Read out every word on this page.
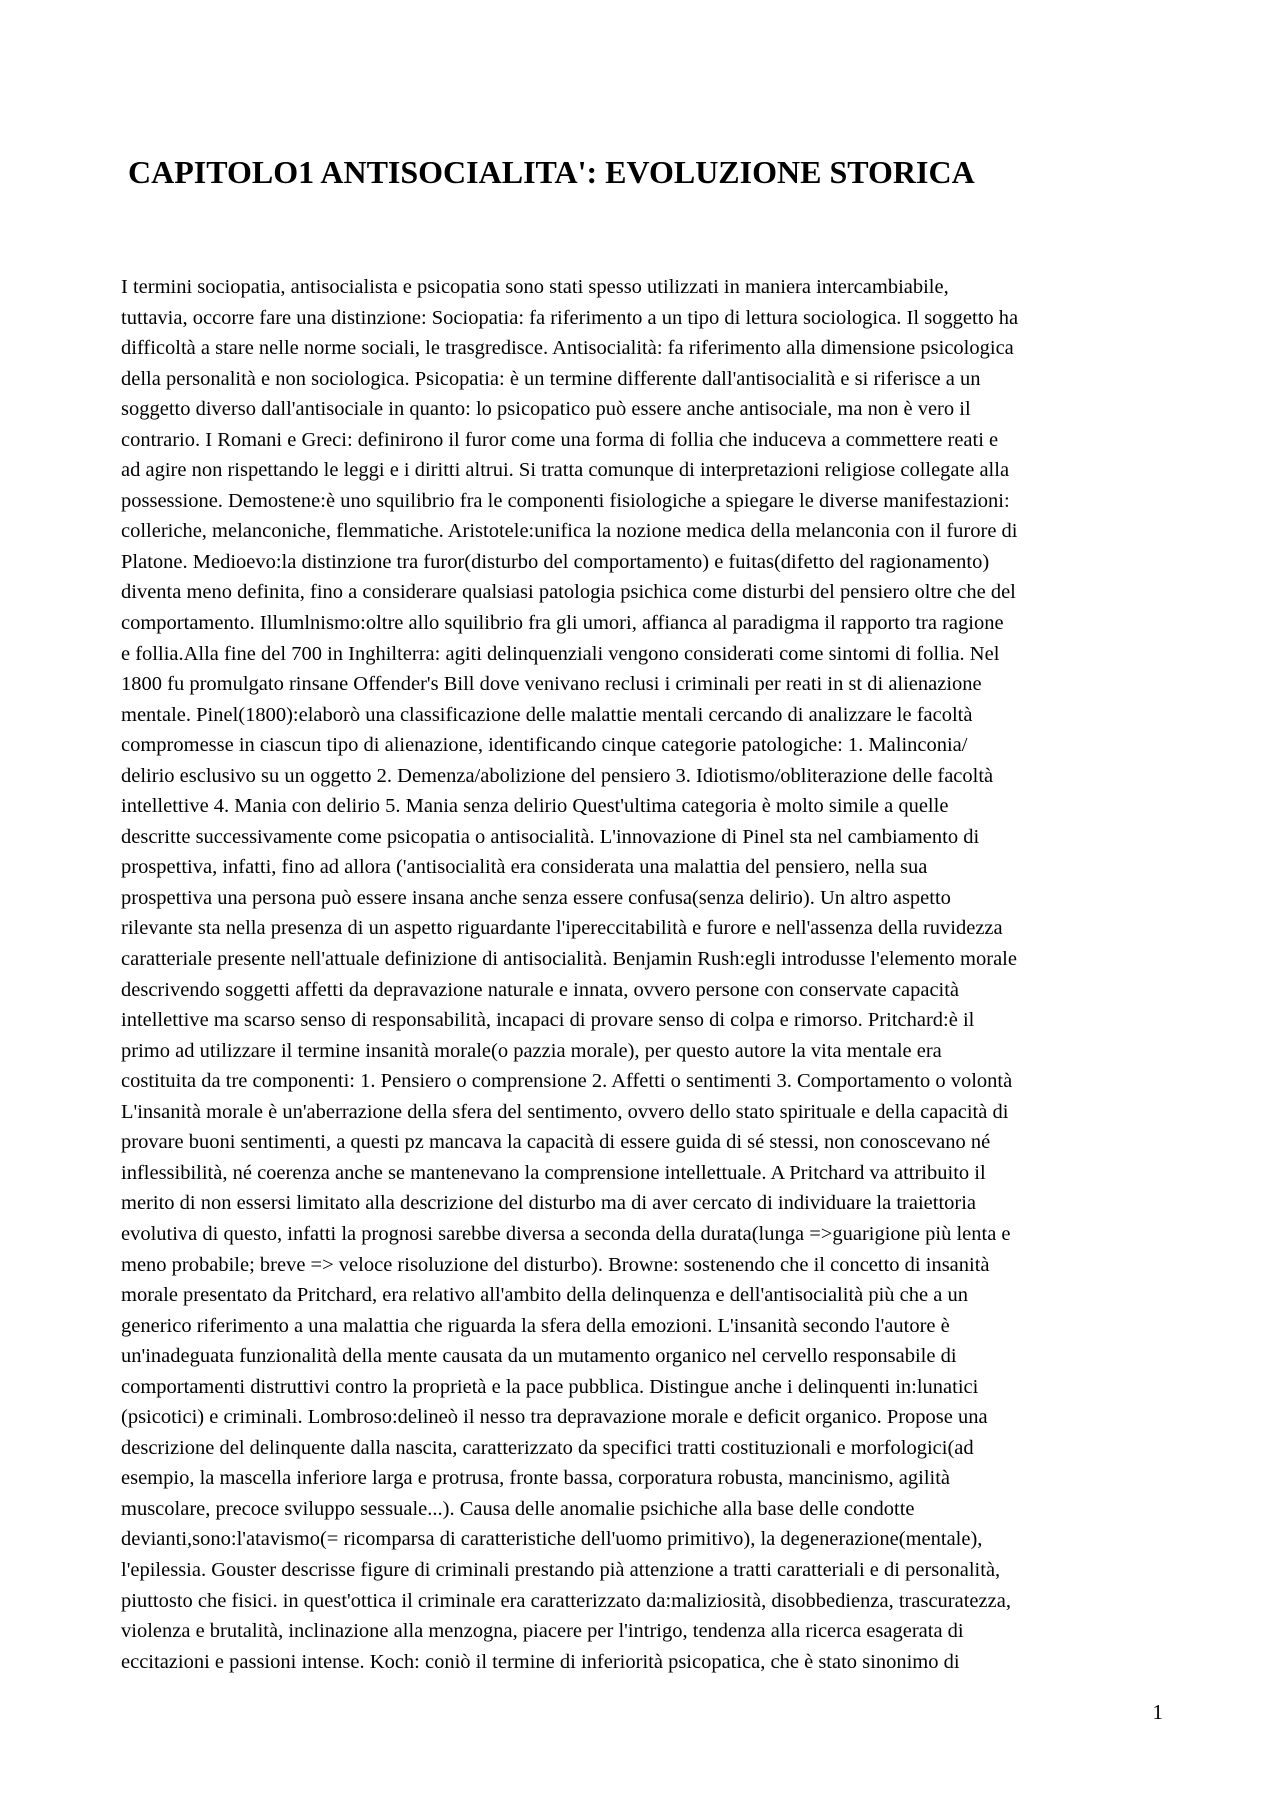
CAPITOLO1 ANTISOCIALITA': EVOLUZIONE STORICA
I termini sociopatia, antisocialista e psicopatia sono stati spesso utilizzati in maniera intercambiabile,
tuttavia, occorre fare una distinzione: Sociopatia: fa riferimento a un tipo di lettura sociologica. Il soggetto ha
difficoltà a stare nelle norme sociali, le trasgredisce. Antisocialità: fa riferimento alla dimensione psicologica
della personalità e non sociologica. Psicopatia: è un termine differente dall'antisocialità e si riferisce a un
soggetto diverso dall'antisociale in quanto: lo psicopatico può essere anche antisociale, ma non è vero il
contrario. I Romani e Greci: definirono il furor come una forma di follia che induceva a commettere reati e
ad agire non rispettando le leggi e i diritti altrui. Si tratta comunque di interpretazioni religiose collegate alla
possessione. Demostene:è uno squilibrio fra le componenti fisiologiche a spiegare le diverse manifestazioni:
colleriche, melanconiche, flemmatiche. Aristotele:unifica la nozione medica della melanconia con il furore di
Platone. Medioevo:la distinzione tra furor(disturbo del comportamento) e fuitas(difetto del ragionamento)
diventa meno definita, fino a considerare qualsiasi patologia psichica come disturbi del pensiero oltre che del
comportamento. Illumlnismo:oltre allo squilibrio fra gli umori, affianca al paradigma il rapporto tra ragione
e follia.Alla fine del 700 in Inghilterra: agiti delinquenziali vengono considerati come sintomi di follia. Nel
1800 fu promulgato rinsane Offender's Bill dove venivano reclusi i criminali per reati in st di alienazione
mentale. Pinel(1800):elaborò una classificazione delle malattie mentali cercando di analizzare le facoltà
compromesse in ciascun tipo di alienazione, identificando cinque categorie patologiche: 1. Malinconia/
delirio esclusivo su un oggetto 2. Demenza/abolizione del pensiero 3. Idiotismo/obliterazione delle facoltà
intellettive 4. Mania con delirio 5. Mania senza delirio Quest'ultima categoria è molto simile a quelle
descritte successivamente come psicopatia o antisocialità. L'innovazione di Pinel sta nel cambiamento di
prospettiva, infatti, fino ad allora ('antisocialità era considerata una malattia del pensiero, nella sua
prospettiva una persona può essere insana anche senza essere confusa(senza delirio). Un altro aspetto
rilevante sta nella presenza di un aspetto riguardante l'ipereccitabilità e furore e nell'assenza della ruvidezza
caratteriale presente nell'attuale definizione di antisocialità. Benjamin Rush:egli introdusse l'elemento morale
descrivendo soggetti affetti da depravazione naturale e innata, ovvero persone con conservate capacità
intellettive ma scarso senso di responsabilità, incapaci di provare senso di colpa e rimorso. Pritchard:è il
primo ad utilizzare il termine insanità morale(o pazzia morale), per questo autore la vita mentale era
costituita da tre componenti: 1. Pensiero o comprensione 2. Affetti o sentimenti 3. Comportamento o volontà
L'insanità morale è un'aberrazione della sfera del sentimento, ovvero dello stato spirituale e della capacità di
provare buoni sentimenti, a questi pz mancava la capacità di essere guida di sé stessi, non conoscevano né
inflessibilità, né coerenza anche se mantenevano la comprensione intellettuale. A Pritchard va attribuito il
merito di non essersi limitato alla descrizione del disturbo ma di aver cercato di individuare la traiettoria
evolutiva di questo, infatti la prognosi sarebbe diversa a seconda della durata(lunga =>guarigione più lenta e
meno probabile; breve => veloce risoluzione del disturbo). Browne: sostenendo che il concetto di insanità
morale presentato da Pritchard, era relativo all'ambito della delinquenza e dell'antisocialità più che a un
generico riferimento a una malattia che riguarda la sfera della emozioni. L'insanità secondo l'autore è
un'inadeguata funzionalità della mente causata da un mutamento organico nel cervello responsabile di
comportamenti distruttivi contro la proprietà e la pace pubblica. Distingue anche i delinquenti in:lunatici
(psicotici) e criminali. Lombroso:delineò il nesso tra depravazione morale e deficit organico. Propose una
descrizione del delinquente dalla nascita, caratterizzato da specifici tratti costituzionali e morfologici(ad
esempio, la mascella inferiore larga e protrusa, fronte bassa, corporatura robusta, mancinismo, agilità
muscolare, precoce sviluppo sessuale...). Causa delle anomalie psichiche alla base delle condotte
devianti,sono:l'atavismo(= ricomparsa di caratteristiche dell'uomo primitivo), la degenerazione(mentale),
l'epilessia. Gouster descrisse figure di criminali prestando pià attenzione a tratti caratteriali e di personalità,
piuttosto che fisici. in quest'ottica il criminale era caratterizzato da:maliziosità, disobbedienza, trascuratezza,
violenza e brutalità, inclinazione alla menzogna, piacere per l'intrigo, tendenza alla ricerca esagerata di
eccitazioni e passioni intense. Koch: coniò il termine di inferiorità psicopatica, che è stato sinonimo di
1
